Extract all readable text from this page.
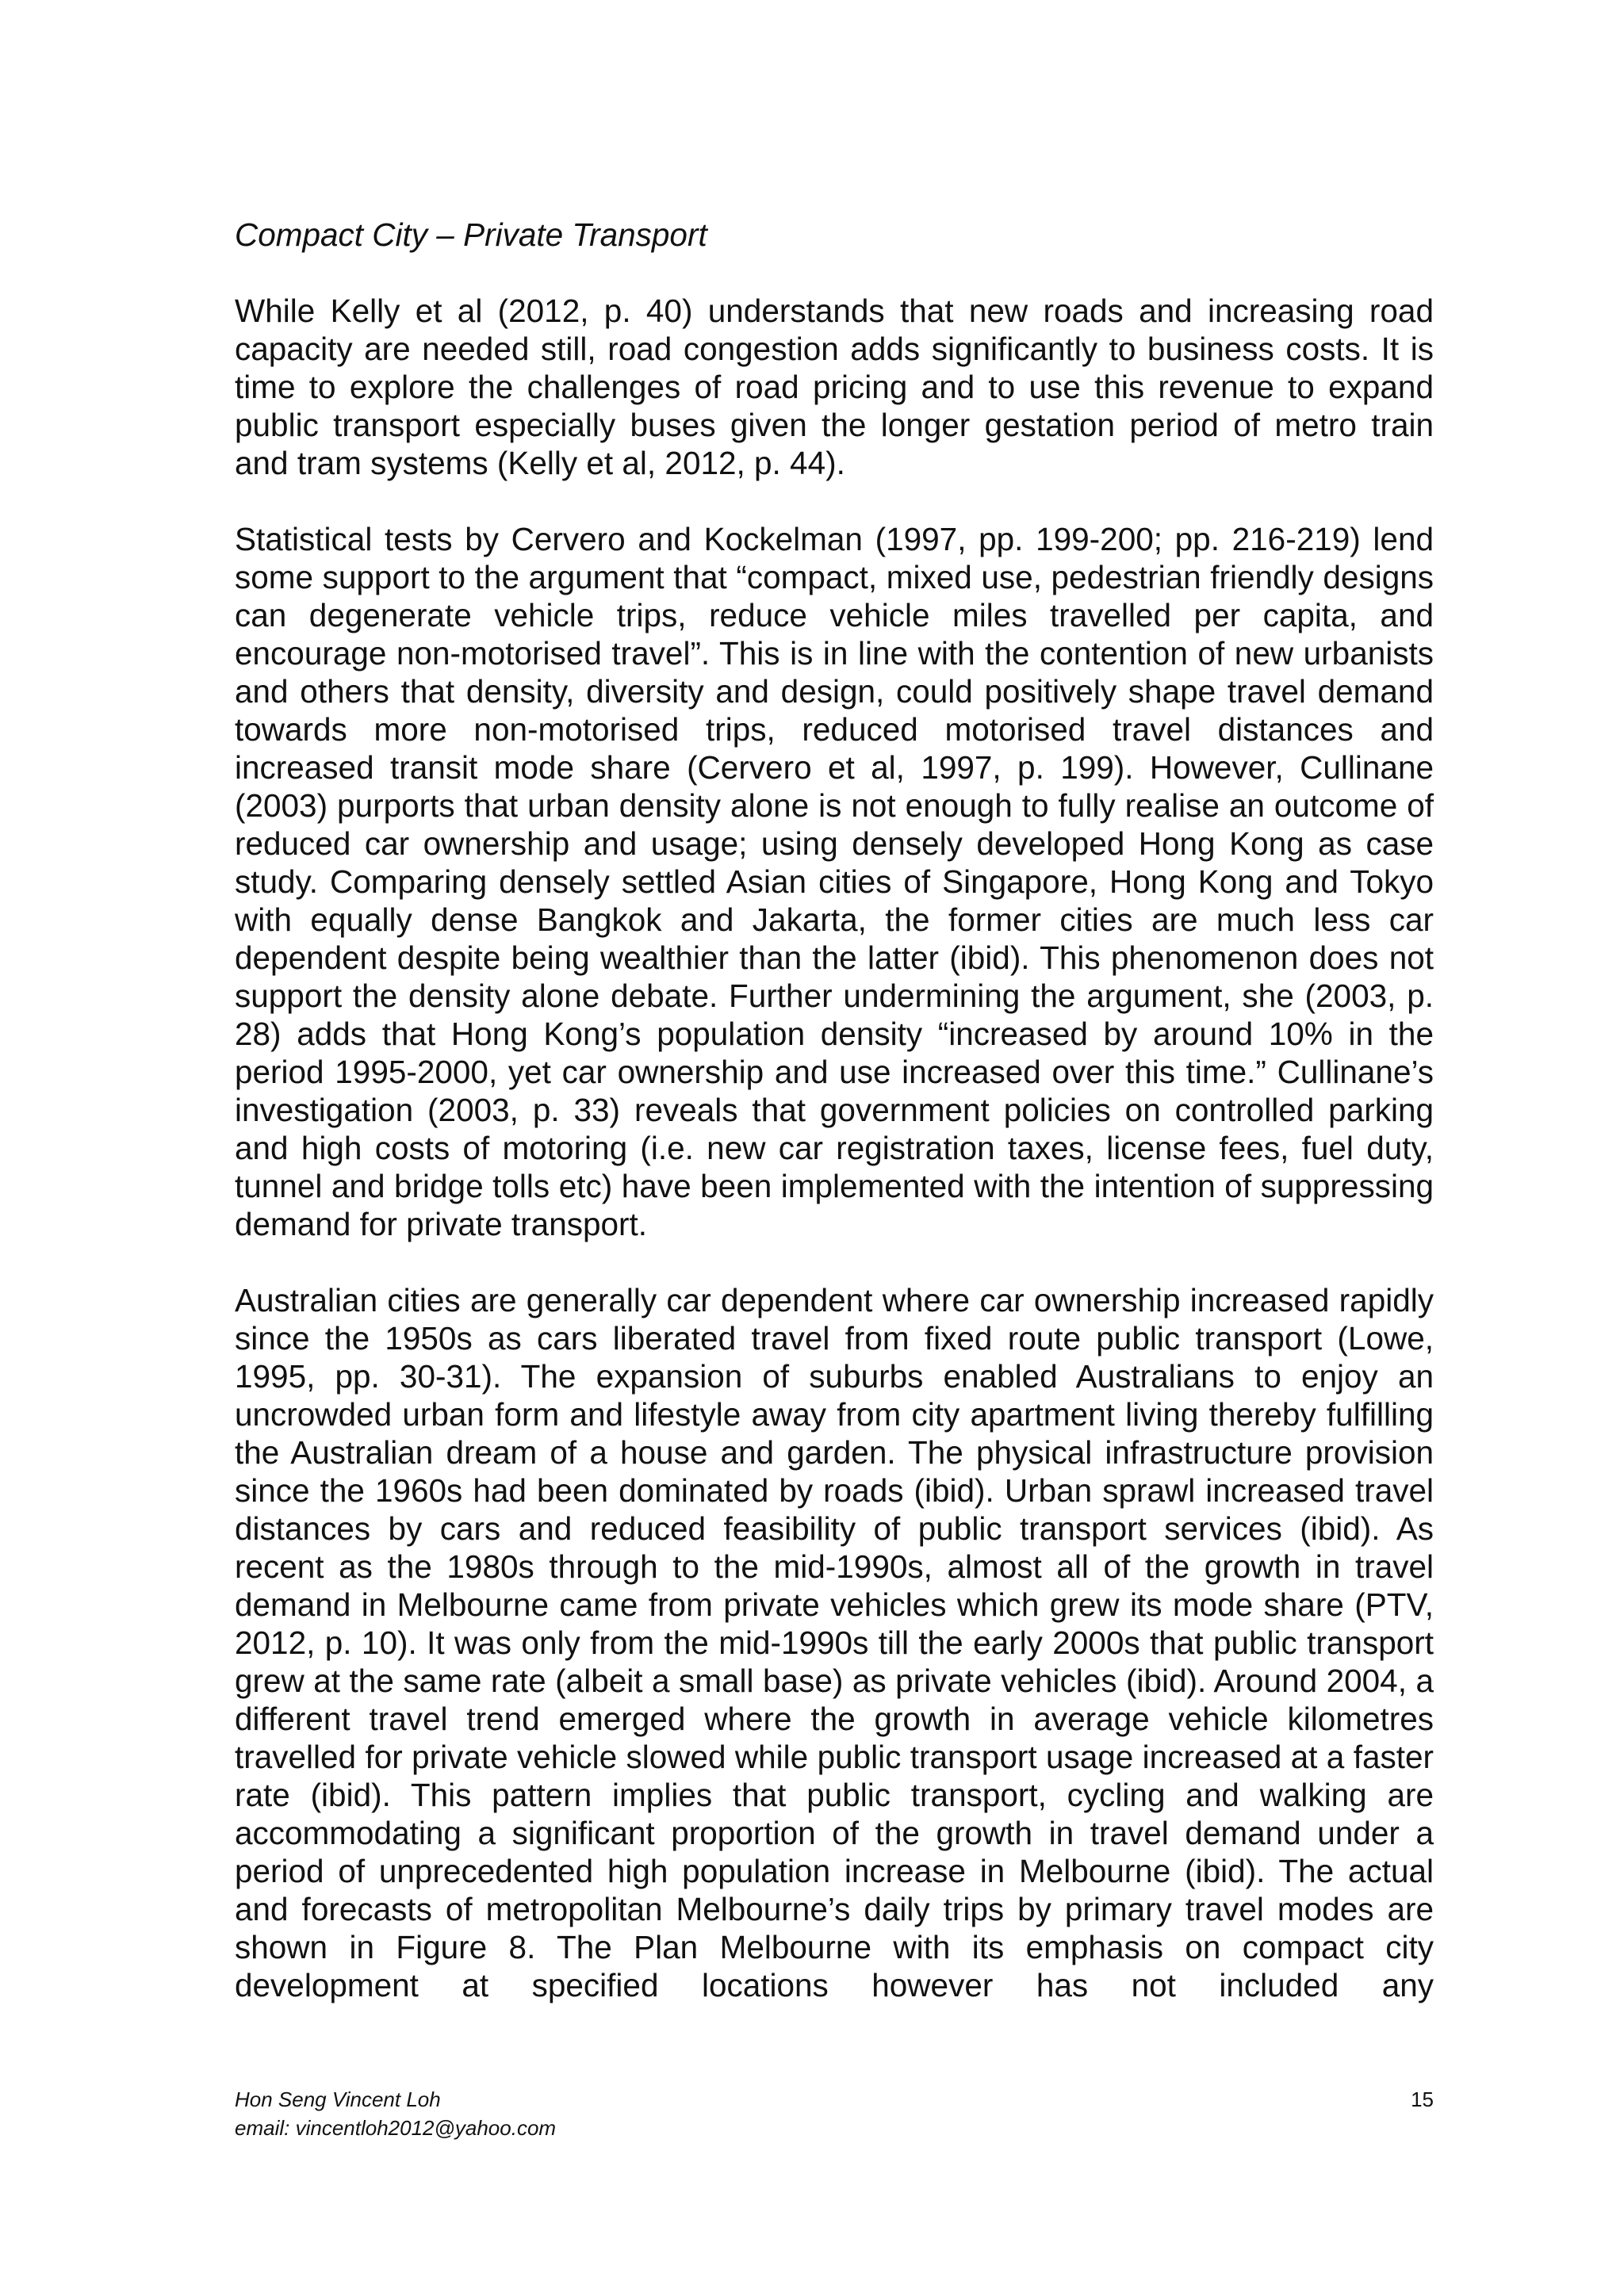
Compact City – Private Transport

While Kelly et al (2012, p. 40) understands that new roads and increasing road capacity are needed still, road congestion adds significantly to business costs. It is time to explore the challenges of road pricing and to use this revenue to expand public transport especially buses given the longer gestation period of metro train and tram systems (Kelly et al, 2012, p. 44).

Statistical tests by Cervero and Kockelman (1997, pp. 199-200; pp. 216-219) lend some support to the argument that “compact, mixed use, pedestrian friendly designs can degenerate vehicle trips, reduce vehicle miles travelled per capita, and encourage non-motorised travel”. This is in line with the contention of new urbanists and others that density, diversity and design, could positively shape travel demand towards more non-motorised trips, reduced motorised travel distances and increased transit mode share (Cervero et al, 1997, p. 199). However, Cullinane (2003) purports that urban density alone is not enough to fully realise an outcome of reduced car ownership and usage; using densely developed Hong Kong as case study. Comparing densely settled Asian cities of Singapore, Hong Kong and Tokyo with equally dense Bangkok and Jakarta, the former cities are much less car dependent despite being wealthier than the latter (ibid). This phenomenon does not support the density alone debate. Further undermining the argument, she (2003, p. 28) adds that Hong Kong’s population density “increased by around 10% in the period 1995-2000, yet car ownership and use increased over this time.” Cullinane’s investigation (2003, p. 33) reveals that government policies on controlled parking and high costs of motoring (i.e. new car registration taxes, license fees, fuel duty, tunnel and bridge tolls etc) have been implemented with the intention of suppressing demand for private transport.

Australian cities are generally car dependent where car ownership increased rapidly since the 1950s as cars liberated travel from fixed route public transport (Lowe, 1995, pp. 30-31). The expansion of suburbs enabled Australians to enjoy an uncrowded urban form and lifestyle away from city apartment living thereby fulfilling the Australian dream of a house and garden. The physical infrastructure provision since the 1960s had been dominated by roads (ibid). Urban sprawl increased travel distances by cars and reduced feasibility of public transport services (ibid). As recent as the 1980s through to the mid-1990s, almost all of the growth in travel demand in Melbourne came from private vehicles which grew its mode share (PTV, 2012, p. 10). It was only from the mid-1990s till the early 2000s that public transport grew at the same rate (albeit a small base) as private vehicles (ibid). Around 2004, a different travel trend emerged where the growth in average vehicle kilometres travelled for private vehicle slowed while public transport usage increased at a faster rate (ibid). This pattern implies that public transport, cycling and walking are accommodating a significant proportion of the growth in travel demand under a period of unprecedented high population increase in Melbourne (ibid). The actual and forecasts of metropolitan Melbourne’s daily trips by primary travel modes are shown in Figure 8. The Plan Melbourne with its emphasis on compact city development at specified locations however has not included any

Hon Seng Vincent Loh
email: vincentloh2012@yahoo.com
15
